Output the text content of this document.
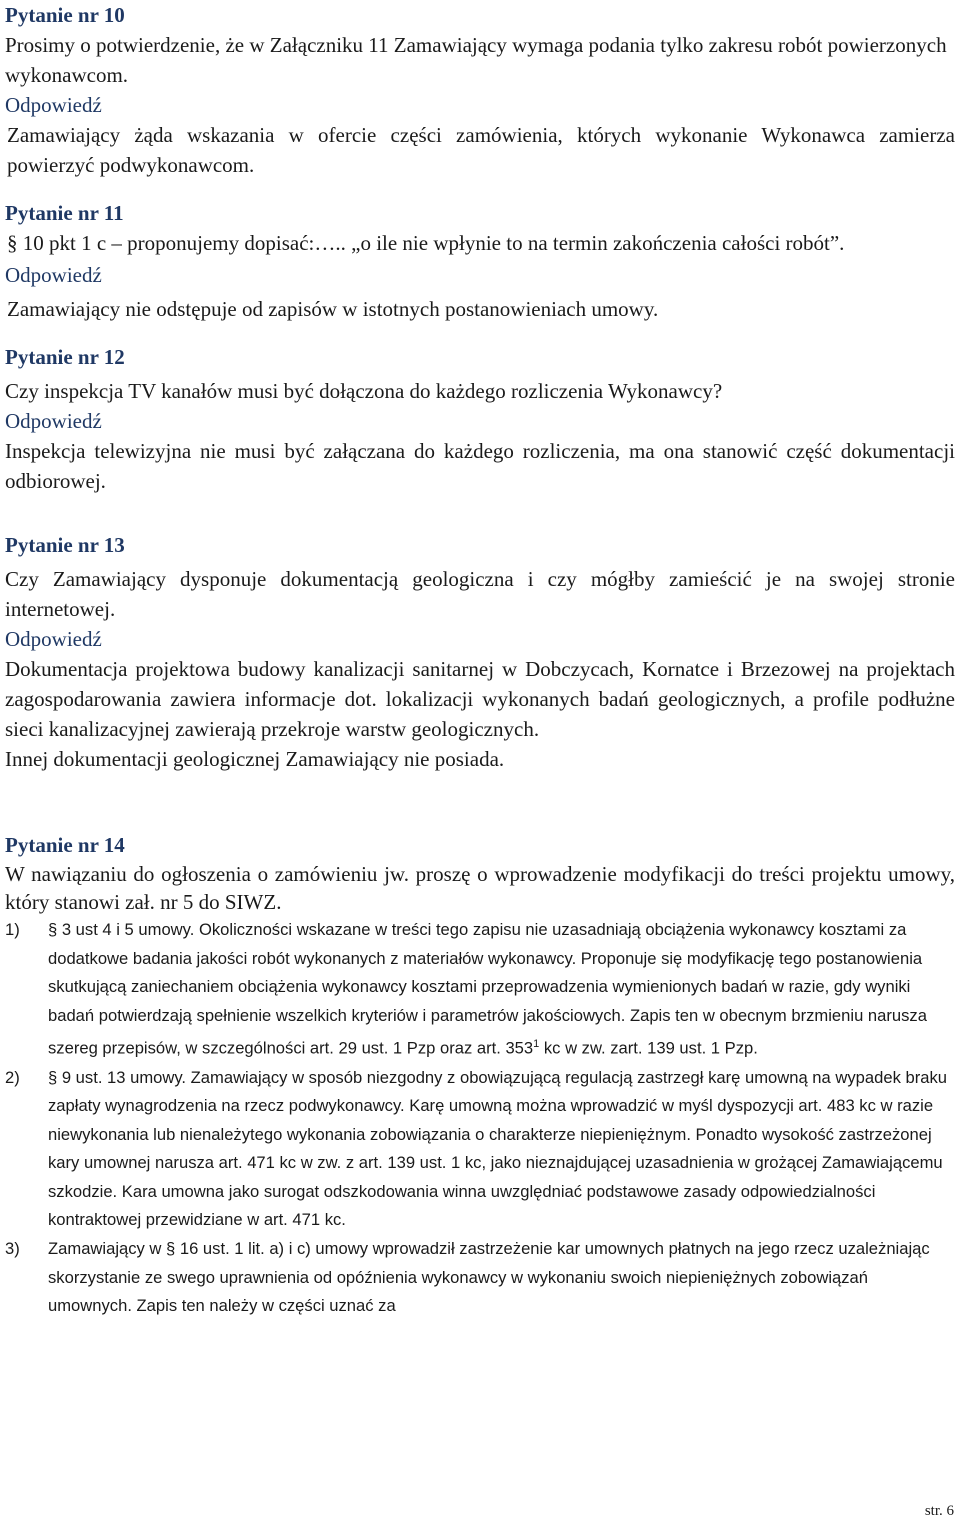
Pytanie nr 10

Prosimy o potwierdzenie, że w Załączniku 11 Zamawiający wymaga podania tylko zakresu robót powierzonych wykonawcom.

Odpowiedź

Zamawiający żąda wskazania w ofercie części zamówienia, których wykonanie Wykonawca zamierza powierzyć podwykonawcom.

Pytanie nr 11

§ 10 pkt 1 c – proponujemy dopisać:….. „o ile nie wpłynie to na termin zakończenia całości robót”.

Odpowiedź

Zamawiający nie odstępuje od zapisów w istotnych postanowieniach umowy.

Pytanie nr 12

Czy inspekcja TV kanałów musi być dołączona do każdego rozliczenia Wykonawcy?

Odpowiedź

Inspekcja telewizyjna nie musi być załączana do każdego rozliczenia, ma ona stanowić część dokumentacji odbiorowej.

Pytanie nr 13

Czy Zamawiający dysponuje dokumentacją geologiczna i czy mógłby zamieścić je na swojej stronie internetowej.

Odpowiedź

Dokumentacja projektowa budowy kanalizacji sanitarnej w Dobczycach, Kornatce i Brzezowej na projektach zagospodarowania zawiera informacje dot. lokalizacji wykonanych badań geologicznych, a profile podłużne sieci kanalizacyjnej zawierają przekroje warstw geologicznych.

Innej dokumentacji geologicznej Zamawiający nie posiada.

Pytanie nr 14

W nawiązaniu do ogłoszenia o zamówieniu jw. proszę o wprowadzenie modyfikacji do treści projektu umowy, który stanowi zał. nr 5 do SIWZ.

1) § 3 ust 4 i 5 umowy. Okoliczności wskazane w treści tego zapisu nie uzasadniają obciążenia wykonawcy kosztami za dodatkowe badania jakości robót wykonanych z materiałów wykonawcy. Proponuje się modyfikację tego postanowienia skutkującą zaniechaniem obciążenia wykonawcy kosztami przeprowadzenia wymienionych badań w razie, gdy wyniki badań potwierdzają spełnienie wszelkich kryteriów i parametrów jakościowych. Zapis ten w obecnym brzmieniu narusza szereg przepisów, w szczególności art. 29 ust. 1 Pzp oraz art. $353^1$ kc w zw. zart. 139 ust. 1 Pzp.
2) § 9 ust. 13 umowy. Zamawiający w sposób niezgodny z obowiązującą regulacją zastrzegł karę umowną na wypadek braku zapłaty wynagrodzenia na rzecz podwykonawcy. Karę umowną można wprowadzić w myśl dyspozycji art. 483 kc w razie niewykonania lub nienależytego wykonania zobowiązania o charakterze niepieniężnym. Ponadto wysokość zastrzeżonej kary umownej narusza art. 471 kc w zw. z art. 139 ust. 1 kc, jako nieznajdującej uzasadnienia w grożącej Zamawiającemu szkodzie. Kara umowna jako surogat odszkodowania winna uwzględniać podstawowe zasady odpowiedzialności kontraktowej przewidziane w art. 471 kc.
3) Zamawiający w § 16 ust. 1 lit. a) i c) umowy wprowadził zastrzeżenie kar umownych płatnych na jego rzecz uzależniając skorzystanie ze swego uprawnienia od opóźnienia wykonawcy w wykonaniu swoich niepieniężnych zobowiązań umownych. Zapis ten należy w części uznać za
str. 6
